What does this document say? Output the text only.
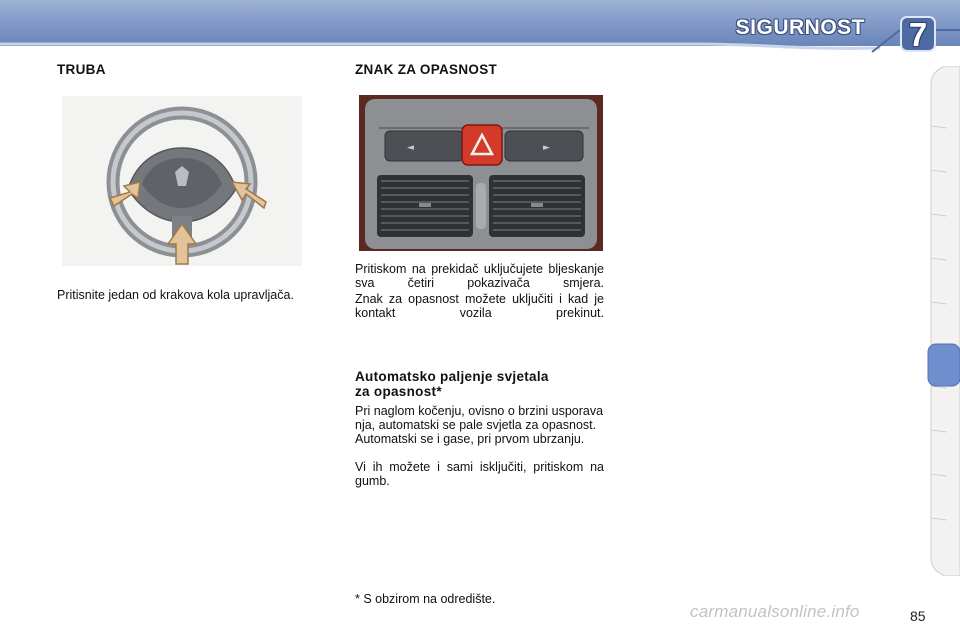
SIGURNOST	7
TRUBA
Pritisnite jedan od krakova kola upravljača.
ZNAK ZA OPASNOST
◄	►
Pritiskom na prekidač uključujete bljeskanje sva četiri pokazivača smjera.
Znak za opasnost možete uključiti i kad je kontakt vozila prekinut.
Automatsko paljenje svjetala
za opasnost*
Pri naglom kočenju, ovisno o brzini usporavanja, automatski se pale svjetla za opasnost. Automatski se i gase, pri prvom ubrzanju.
Vi ih možete i sami isključiti, pritiskom na gumb.
* S obzirom na odredište.
85
carmanualsonline.info
